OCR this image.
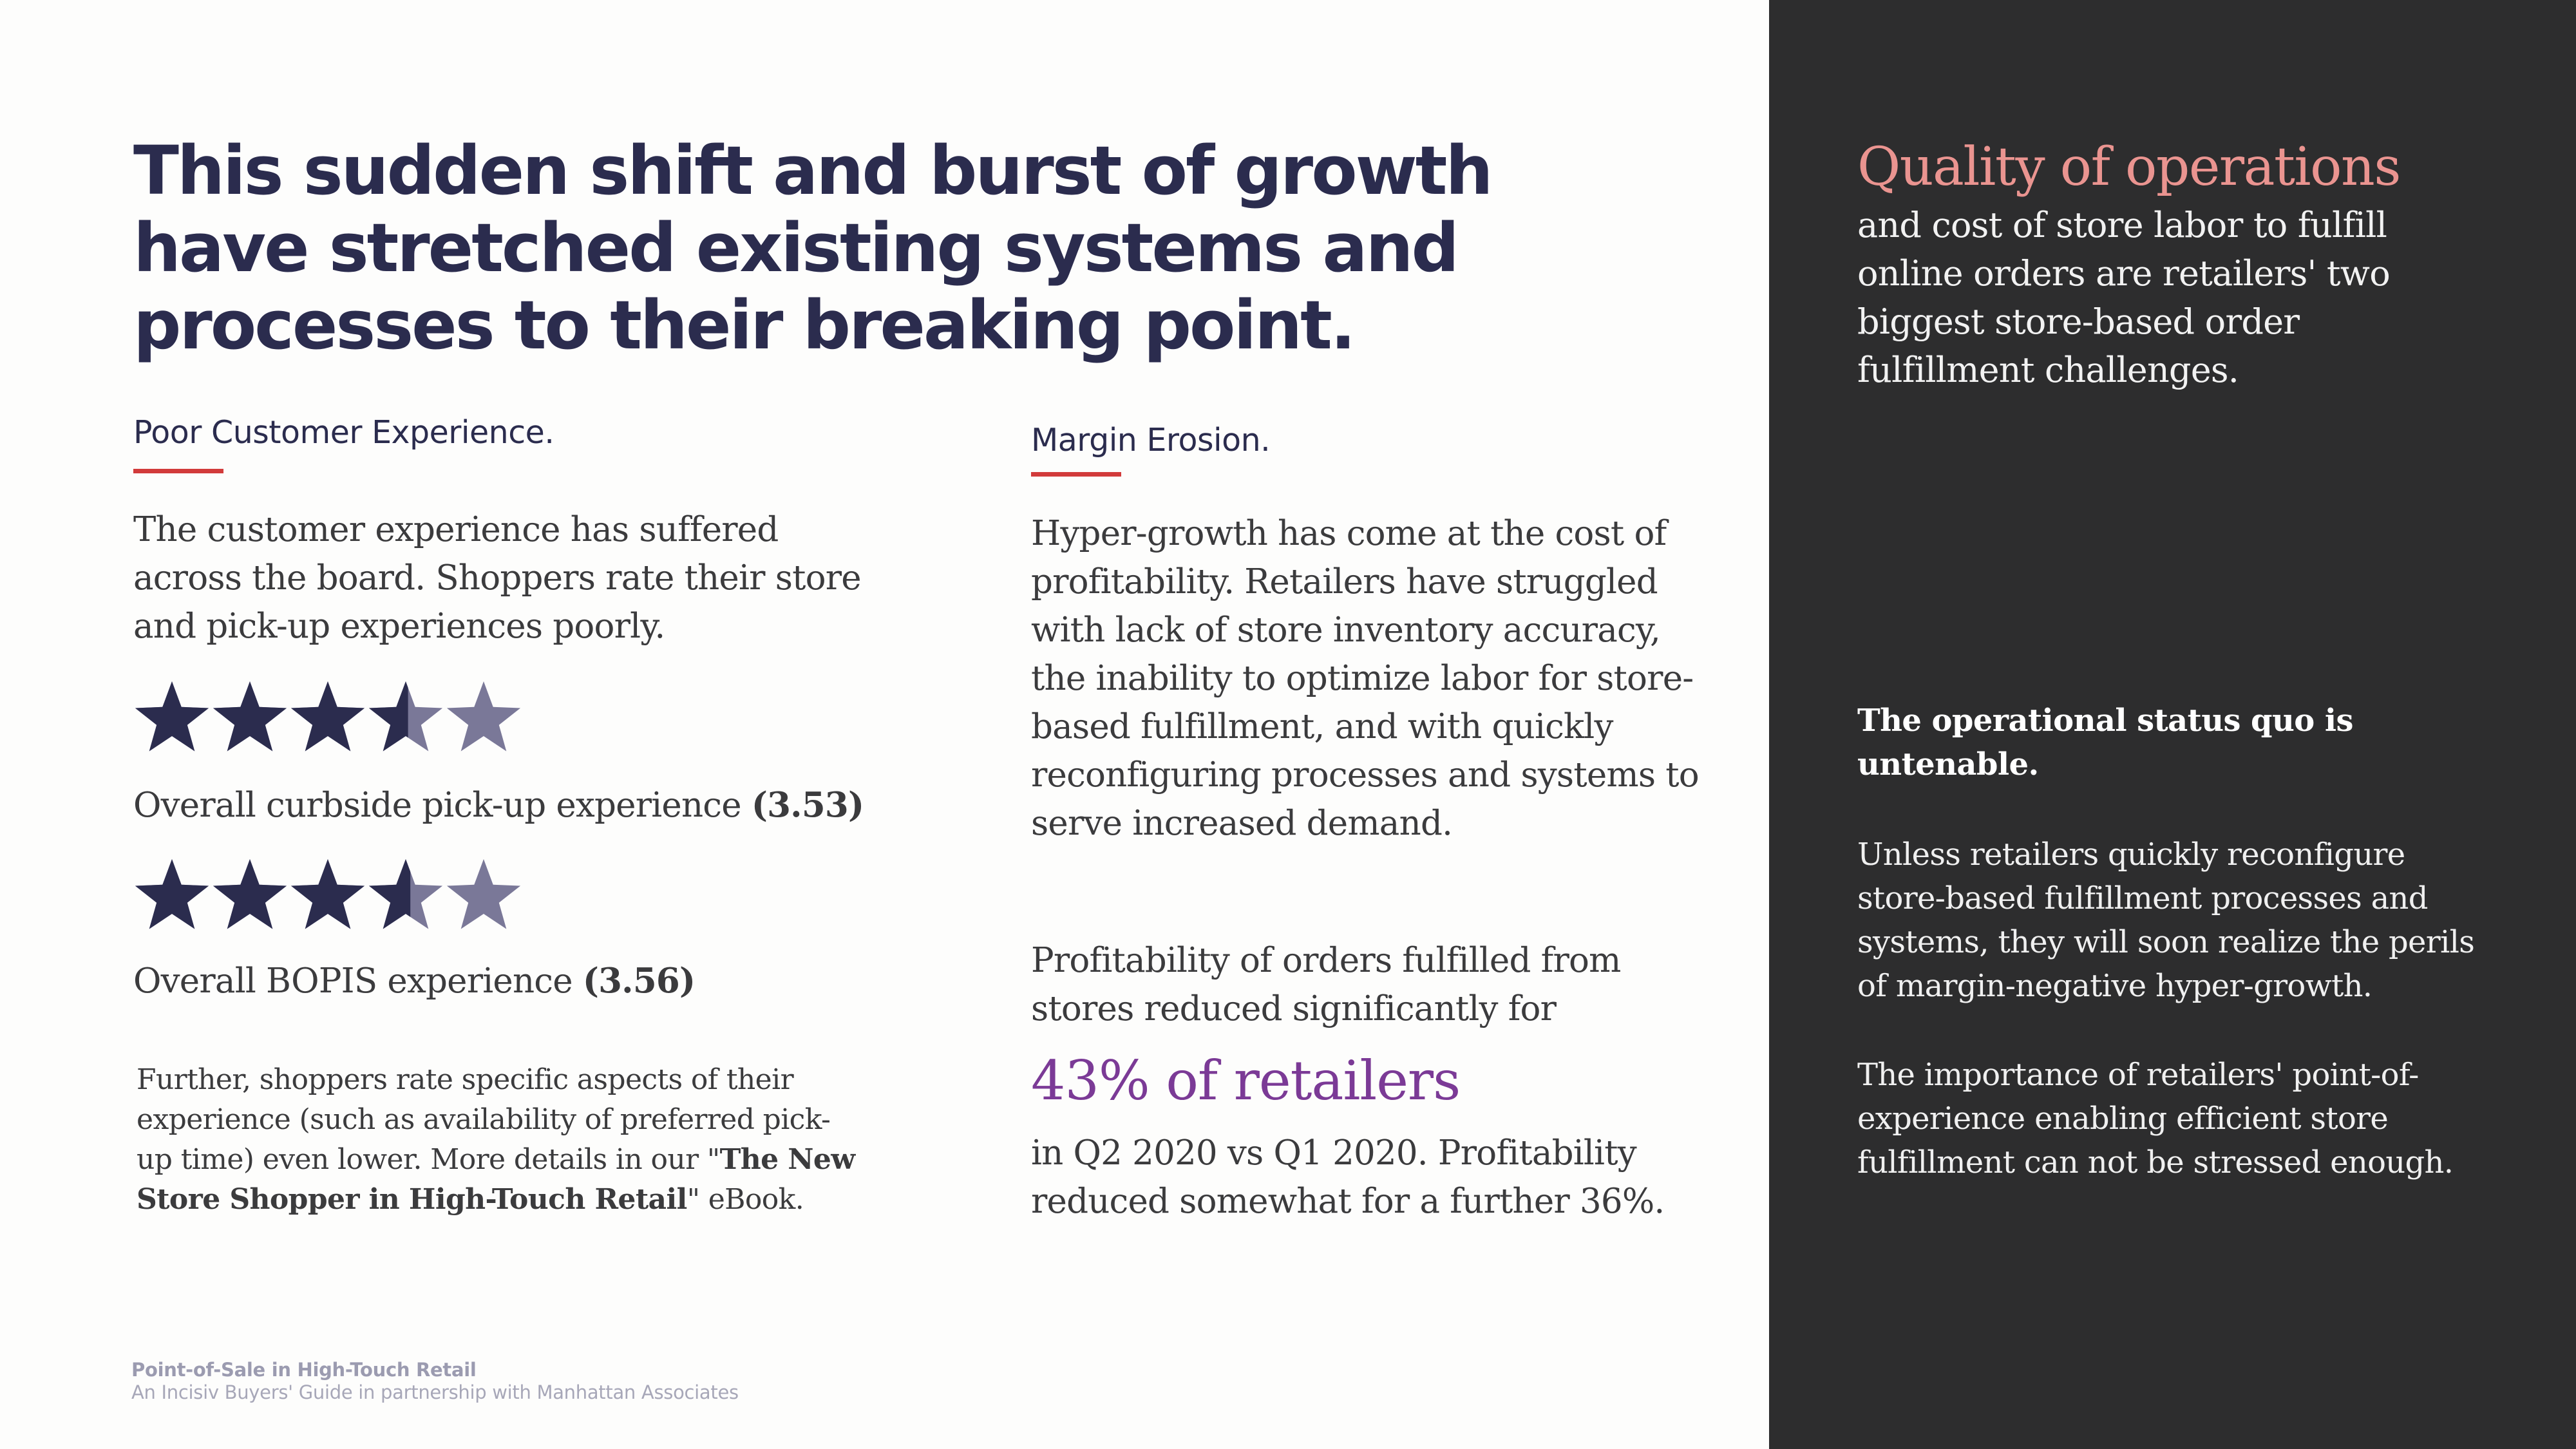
This sudden shift and burst of growth have stretched existing systems and processes to their breaking point.
Poor Customer Experience.
The customer experience has suffered across the board. Shoppers rate their store and pick-up experiences poorly.
Overall curbside pick-up experience (3.53)
Overall BOPIS experience (3.56)
Further, shoppers rate specific aspects of their experience (such as availability of preferred pick-up time) even lower. More details in our "The New Store Shopper in High-Touch Retail" eBook.
Margin Erosion.
Hyper-growth has come at the cost of profitability. Retailers have struggled with lack of store inventory accuracy, the inability to optimize labor for store-based fulfillment, and with quickly reconfiguring processes and systems to serve increased demand.
Profitability of orders fulfilled from stores reduced significantly for
43% of retailers
in Q2 2020 vs Q1 2020. Profitability reduced somewhat for a further 36%.
Point-of-Sale in High-Touch Retail
An Incisiv Buyers' Guide in partnership with Manhattan Associates
Quality of operations
and cost of store labor to fulfill online orders are retailers' two biggest store-based order fulfillment challenges.
The operational status quo is untenable.
Unless retailers quickly reconfigure store-based fulfillment processes and systems, they will soon realize the perils of margin-negative hyper-growth.
The importance of retailers' point-of-experience enabling efficient store fulfillment can not be stressed enough.
